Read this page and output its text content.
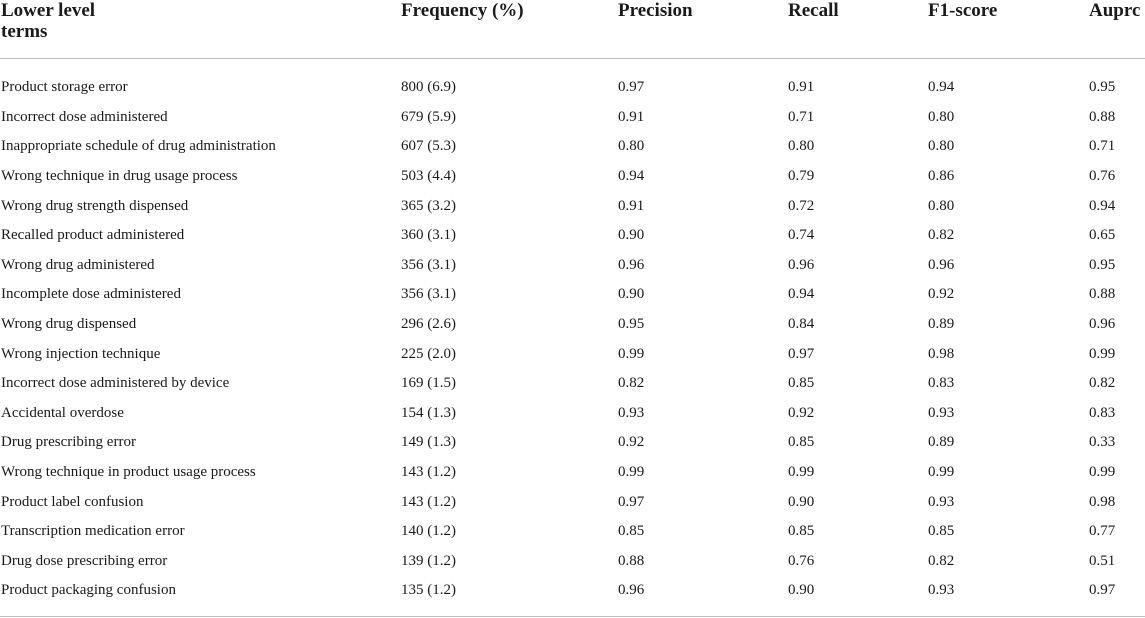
Lower level
terms	Frequency (%)	Precision	Recall	F1-score	Auprc
Product storage error	800 (6.9)	0.97	0.91	0.94	0.95
Incorrect dose administered	679 (5.9)	0.91	0.71	0.80	0.88
Inappropriate schedule of drug administration	607 (5.3)	0.80	0.80	0.80	0.71
Wrong technique in drug usage process	503 (4.4)	0.94	0.79	0.86	0.76
Wrong drug strength dispensed	365 (3.2)	0.91	0.72	0.80	0.94
Recalled product administered	360 (3.1)	0.90	0.74	0.82	0.65
Wrong drug administered	356 (3.1)	0.96	0.96	0.96	0.95
Incomplete dose administered	356 (3.1)	0.90	0.94	0.92	0.88
Wrong drug dispensed	296 (2.6)	0.95	0.84	0.89	0.96
Wrong injection technique	225 (2.0)	0.99	0.97	0.98	0.99
Incorrect dose administered by device	169 (1.5)	0.82	0.85	0.83	0.82
Accidental overdose	154 (1.3)	0.93	0.92	0.93	0.83
Drug prescribing error	149 (1.3)	0.92	0.85	0.89	0.33
Wrong technique in product usage process	143 (1.2)	0.99	0.99	0.99	0.99
Product label confusion	143 (1.2)	0.97	0.90	0.93	0.98
Transcription medication error	140 (1.2)	0.85	0.85	0.85	0.77
Drug dose prescribing error	139 (1.2)	0.88	0.76	0.82	0.51
Product packaging confusion	135 (1.2)	0.96	0.90	0.93	0.97
